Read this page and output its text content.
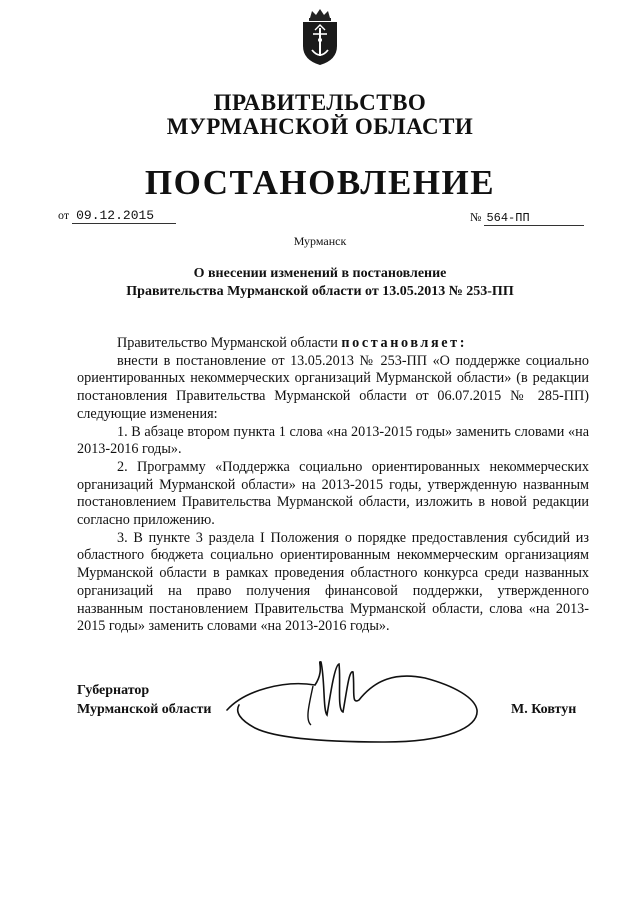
ПРАВИТЕЛЬСТВО
МУРМАНСКОЙ ОБЛАСТИ
ПОСТАНОВЛЕНИЕ
от 09.12.2015	№ 564-ПП
Мурманск
О внесении изменений в постановление
Правительства Мурманской области от 13.05.2013 № 253-ПП

Правительство Мурманской области постановляет:

внести в постановление от 13.05.2013 № 253-ПП «О поддержке социально ориентированных некоммерческих организаций Мурманской области» (в редакции постановления Правительства Мурманской области от 06.07.2015 № 285-ПП) следующие изменения:

1. В абзаце втором пункта 1 слова «на 2013-2015 годы» заменить словами «на 2013-2016 годы».

2. Программу «Поддержка социально ориентированных некоммерческих организаций Мурманской области» на 2013-2015 годы, утвержденную названным постановлением Правительства Мурманской области, изложить в новой редакции согласно приложению.

3. В пункте 3 раздела I Положения о порядке предоставления субсидий из областного бюджета социально ориентированным некоммерческим организациям Мурманской области в рамках проведения областного конкурса среди названных организаций на право получения финансовой поддержки, утвержденного названным постановлением Правительства Мурманской области, слова «на 2013-2015 годы» заменить словами «на 2013-2016 годы».

Губернатор
Мурманской области	М. Ковтун
